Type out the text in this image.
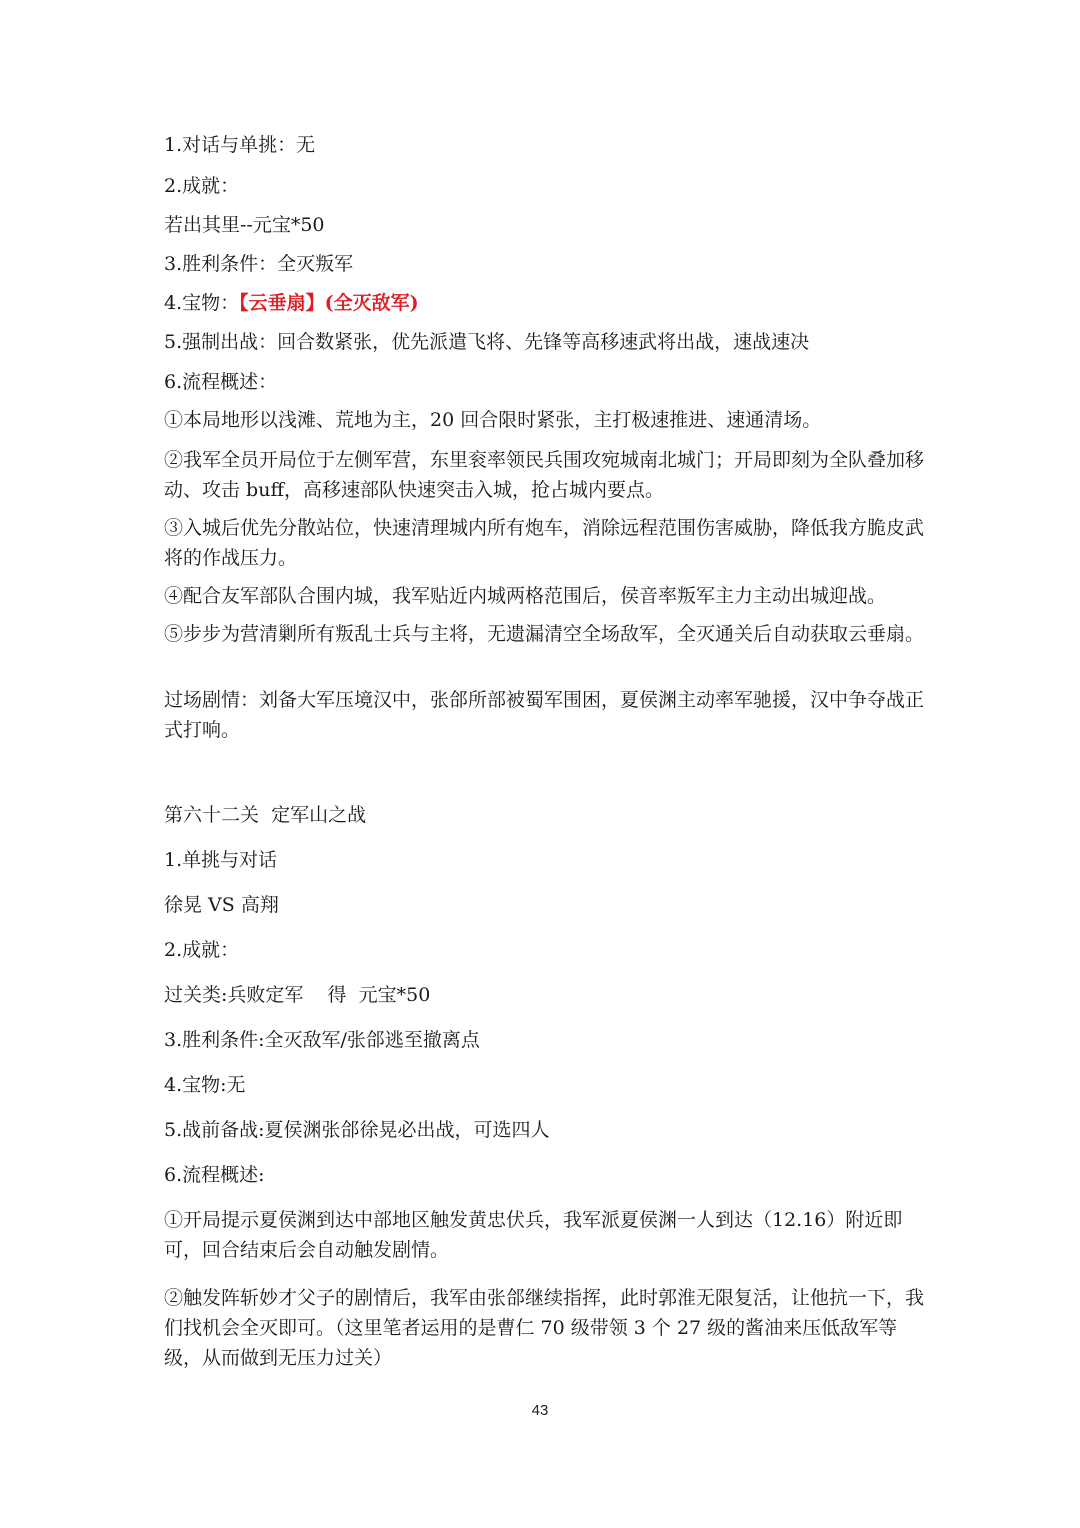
1.对话与单挑：无

2.成就：

若出其里--元宝*50

3.胜利条件：全灭叛军

4.宝物：【云垂扇】(全灭敌军)

5.强制出战：回合数紧张，优先派遣飞将、先锋等高移速武将出战，速战速决

6.流程概述：

①本局地形以浅滩、荒地为主，20 回合限时紧张，主打极速推进、速通清场。

②我军全员开局位于左侧军营，东里衮率领民兵围攻宛城南北城门；开局即刻为全队叠加移动、攻击 buff，高移速部队快速突击入城，抢占城内要点。

③入城后优先分散站位，快速清理城内所有炮车，消除远程范围伤害威胁，降低我方脆皮武将的作战压力。

④配合友军部队合围内城，我军贴近内城两格范围后，侯音率叛军主力主动出城迎战。

⑤步步为营清剿所有叛乱士兵与主将，无遗漏清空全场敌军，全灭通关后自动获取云垂扇。

过场剧情：刘备大军压境汉中，张郃所部被蜀军围困，夏侯渊主动率军驰援，汉中争夺战正式打响。

第六十二关  定军山之战

1.单挑与对话

徐晃 VS 高翔

2.成就：

过关类:兵败定军    得  元宝*50

3.胜利条件:全灭敌军/张郃逃至撤离点

4.宝物:无

5.战前备战:夏侯渊张郃徐晃必出战，可选四人

6.流程概述:

①开局提示夏侯渊到达中部地区触发黄忠伏兵，我军派夏侯渊一人到达（12.16）附近即可，回合结束后会自动触发剧情。

②触发阵斩妙才父子的剧情后，我军由张郃继续指挥，此时郭淮无限复活，让他抗一下，我们找机会全灭即可。（这里笔者运用的是曹仁 70 级带领 3 个 27 级的酱油来压低敌军等级，从而做到无压力过关）

43
